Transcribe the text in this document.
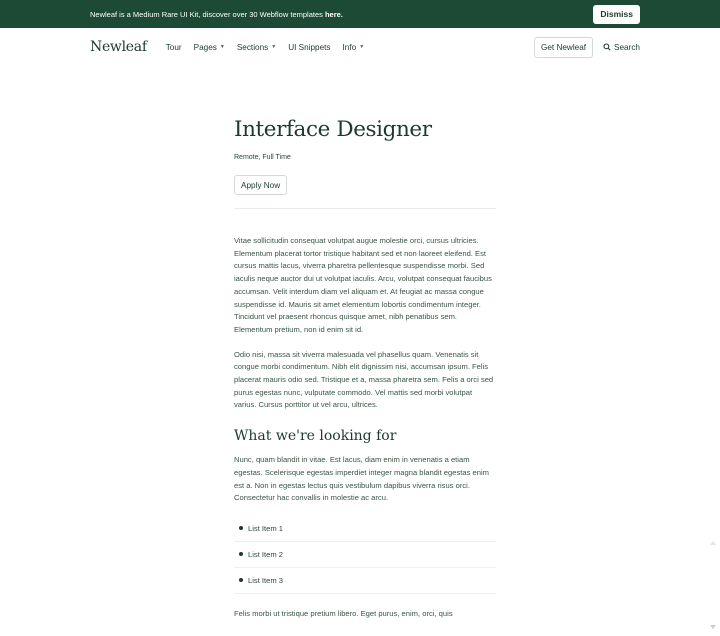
Newleaf is a Medium Rare UI Kit, discover over 30 Webflow templates here.	Dismiss
Newleaf Tour Pages ▼ Sections ▼ UI Snippets Info ▼	Get Newleaf	Search
Interface Designer
Remote, Full Time
Apply Now

Vitae sollicitudin consequat volutpat augue molestie orci, cursus ultricies. Elementum placerat tortor tristique habitant sed et non laoreet eleifend. Est cursus mattis lacus, viverra pharetra pellentesque suspendisse morbi. Sed iaculis neque auctor dui ut volutpat iaculis. Arcu, volutpat consequat faucibus accumsan. Velit interdum diam vel aliquam et. At feugiat ac massa congue suspendisse id. Mauris sit amet elementum lobortis condimentum integer. Tincidunt vel praesent rhoncus quisque amet, nibh penatibus sem. Elementum pretium, non id enim sit id.

Odio nisi, massa sit viverra malesuada vel phasellus quam. Venenatis sit congue morbi condimentum. Nibh elit dignissim nisi, accumsan ipsum. Felis placerat mauris odio sed. Tristique et a, massa pharetra sem. Felis a orci sed purus egestas nunc, vulputate commodo. Vel mattis sed morbi volutpat varius. Cursus porttitor ut vel arcu, ultrices.

What we're looking for

Nunc, quam blandit in vitae. Est lacus, diam enim in venenatis a etiam egestas. Scelerisque egestas imperdiet integer magna blandit egestas enim est a. Non in egestas lectus quis vestibulum dapibus viverra risus orci. Consectetur hac convallis in molestie ac arcu.

List Item 1
List Item 2
List Item 3

Felis morbi ut tristique pretium libero. Eget purus, enim, orci, quis
